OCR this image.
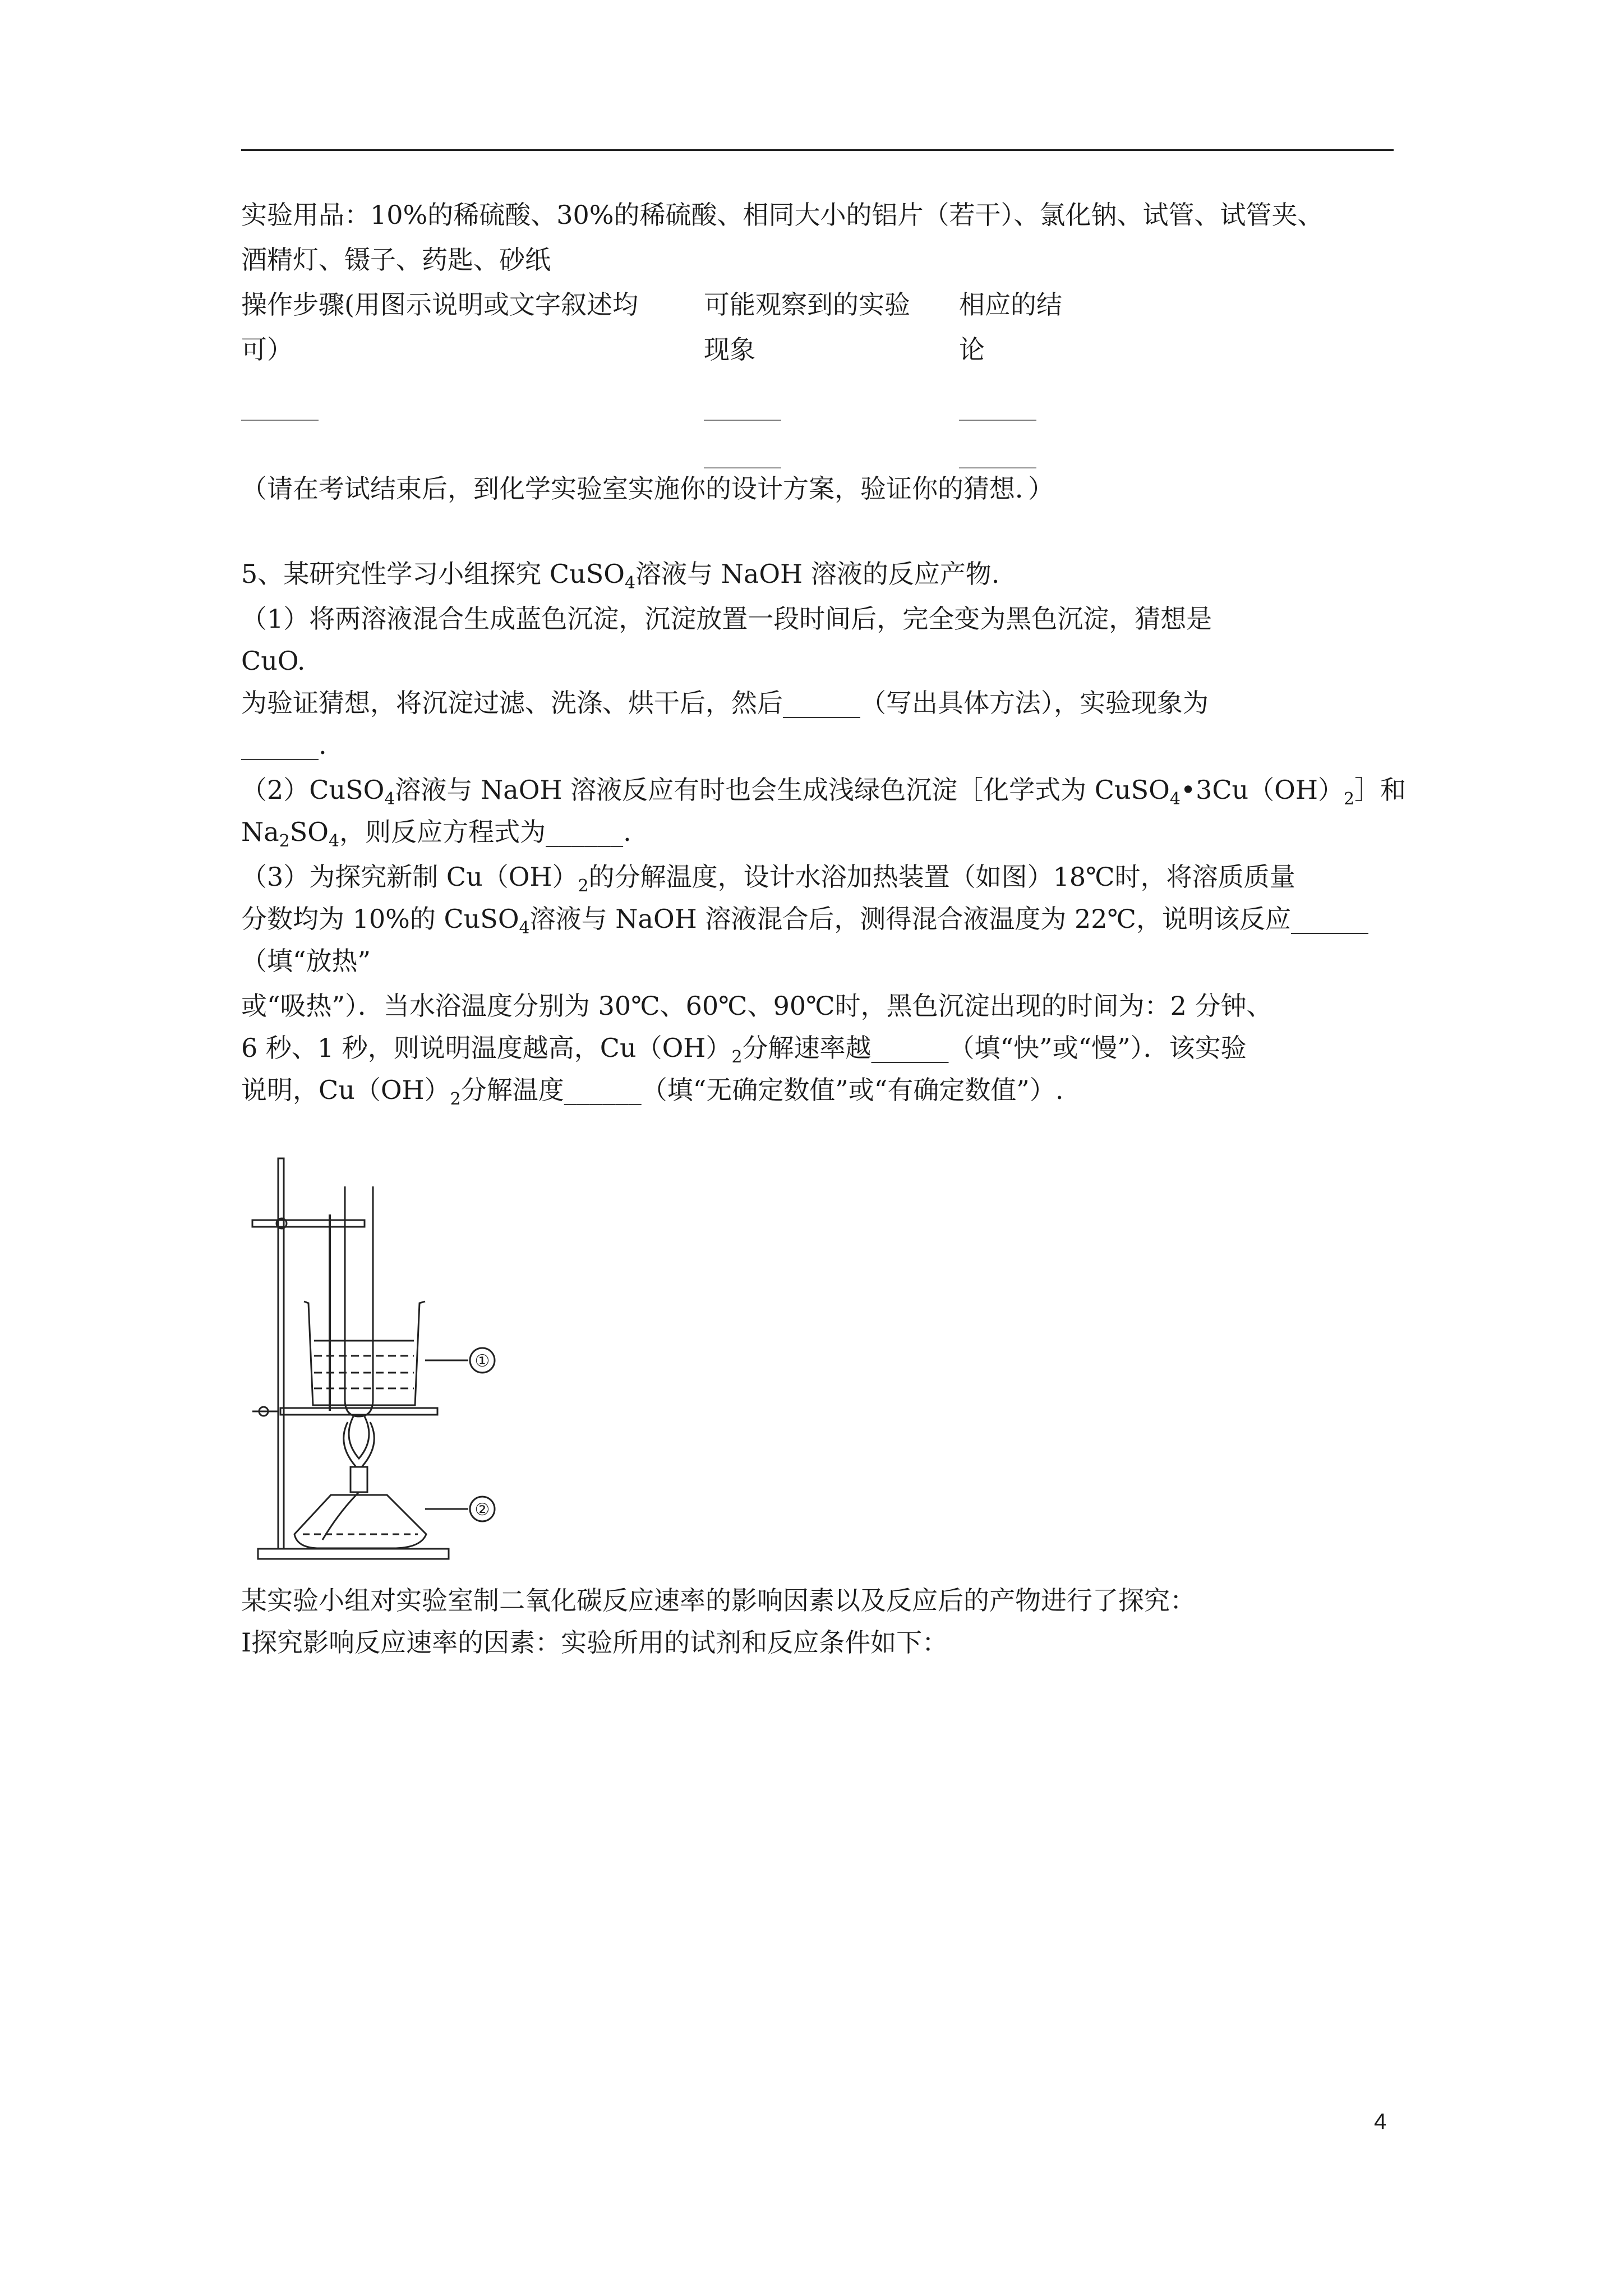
实验用品：10%的稀硫酸、30%的稀硫酸、相同大小的铝片（若干）、氯化钠、试管、试管夹、
酒精灯、镊子、药匙、砂纸
操作步骤(用图示说明或文字叙述均
可）
可能观察到的实验
现象
相应的结
论
______	______
______
______
______
（请在考试结束后，到化学实验室实施你的设计方案，验证你的猜想．）
5、某研究性学习小组探究 CuSO$_4$溶液与 NaOH 溶液的反应产物.
（1）将两溶液混合生成蓝色沉淀，沉淀放置一段时间后，完全变为黑色沉淀，猜想是
CuO.
为验证猜想，将沉淀过滤、洗涤、烘干后，然后______（写出具体方法），实验现象为
______.
（2）CuSO$_4$溶液与 NaOH 溶液反应有时也会生成浅绿色沉淀［化学式为 $CuSO_4•3Cu(OH)_2]$和
$Na_2SO_4$，则反应方程式为______.
（3）为探究新制 $Cu(OH)_2$的分解温度，设计水浴加热装置（如图）18℃时，将溶质质量
分数均为 10%的 CuSO$_4$溶液与 NaOH 溶液混合后，测得混合液温度为 22℃，说明该反应______
（填“放热”
或“吸热”）．当水浴温度分别为 30℃、60℃、90℃时，黑色沉淀出现的时间为：2 分钟、
6 秒、1 秒，则说明温度越高，$Cu(OH)_2$分解速率越______（填“快”或“慢”）．该实验
说明，$Cu(OH)_2$分解温度______（填“无确定数值”或“有确定数值”）.
①
②
某实验小组对实验室制二氧化碳反应速率的影响因素以及反应后的产物进行了探究：
Ⅰ探究影响反应速率的因素：实验所用的试剂和反应条件如下：
4
